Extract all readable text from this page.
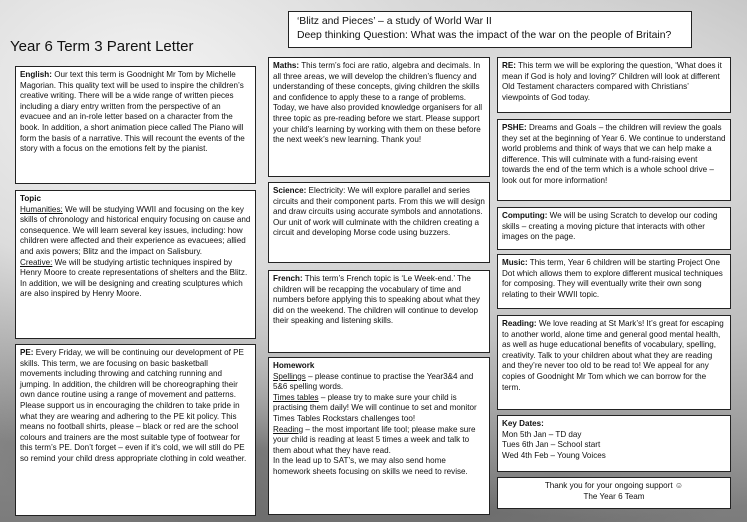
Year 6 Term 3 Parent Letter
‘Blitz and Pieces’ – a study of World War II
Deep thinking Question: What was the impact of the war on the people of Britain?

English: Our text this term is Goodnight Mr Tom by Michelle Magorian. This quality text will be used to inspire the children’s creative writing. There will be a wide range of written pieces including a diary entry written from the perspective of an evacuee and an in-role letter based on a character from the book. In addition, a short animation piece called The Piano will form the basis of a narrative. This will recount the events of the story with a focus on the emotions felt by the pianist.

Topic

Humanities: We will be studying WWII and focusing on the key skills of chronology and historical enquiry focusing on cause and consequence. We will learn several key issues, including: how children were affected and their experience as evacuees; allied and axis powers; Blitz and the impact on Salisbury.

Creative: We will be studying artistic techniques inspired by Henry Moore to create representations of shelters and the Blitz. In addition, we will be designing and creating sculptures which are also inspired by Henry Moore.

PE: Every Friday, we will be continuing our development of PE skills. This term, we are focusing on basic basketball movements including throwing and catching running and jumping. In addition, the children will be choreographing their own dance routine using a range of movement and patterns.

Please support us in encouraging the children to take pride in what they are wearing and adhering to the PE kit policy. This means no football shirts, please – black or red are the school colours and trainers are the most suitable type of footwear for this term’s PE. Don’t forget – even if it’s cold, we will still do PE so remind your child dress appropriate clothing in cold weather.

Maths: This term’s foci are ratio, algebra and decimals. In all three areas, we will develop the children’s fluency and understanding of these concepts, giving children the skills and confidence to apply these to a range of problems. Today, we have also provided knowledge organisers for all three topic as pre-reading before we start. Please support your child’s learning by working with them on these before the next week’s new learning. Thank you!

Science: Electricity: We will explore parallel and series circuits and their component parts. From this we will design and draw circuits using accurate symbols and annotations. Our unit of work will culminate with the children creating a circuit and developing Morse code using buzzers.

French: This term’s French topic is ‘Le Week-end.’ The children will be recapping the vocabulary of time and numbers before applying this to speaking about what they did on the weekend. The children will continue to develop their speaking and listening skills.

Homework

Spellings – please continue to practise the Year3&4 and 5&6 spelling words.

Times tables – please try to make sure your child is practising them daily! We will continue to set and monitor Times Tables Rockstars challenges too!

Reading – the most important life tool; please make sure your child is reading at least 5 times a week and talk to them about what they have read.

In the lead up to SAT’s, we may also send home homework sheets focusing on skills we need to revise.

RE: This term we will be exploring the question, ‘What does it mean if God is holy and loving?’ Children will look at different Old Testament characters compared with Christians’ viewpoints of God today.

PSHE: Dreams and Goals – the children will review the goals they set at the beginning of Year 6. We continue to understand world problems and think of ways that we can help make a difference. This will culminate with a fund-raising event towards the end of the term which is a whole school drive – look out for more information!

Computing: We will be using Scratch to develop our coding skills – creating a moving picture that interacts with other images on the page.

Music: This term, Year 6 children will be starting Project One Dot which allows them to explore different musical techniques for composing. They will eventually write their own song relating to their WWII topic.

Reading: We love reading at St Mark’s! It’s great for escaping to another world, alone time and general good mental health, as well as huge educational benefits of vocabulary, spelling, creativity. Talk to your children about what they are reading and they’re never too old to be read to! We appeal for any copies of Goodnight Mr Tom which we can borrow for the term.

Key Dates:

Mon 5th Jan – TD day

Tues 6th Jan – School start

Wed 4th Feb – Young Voices

Thank you for your ongoing support ☺

The Year 6 Team
